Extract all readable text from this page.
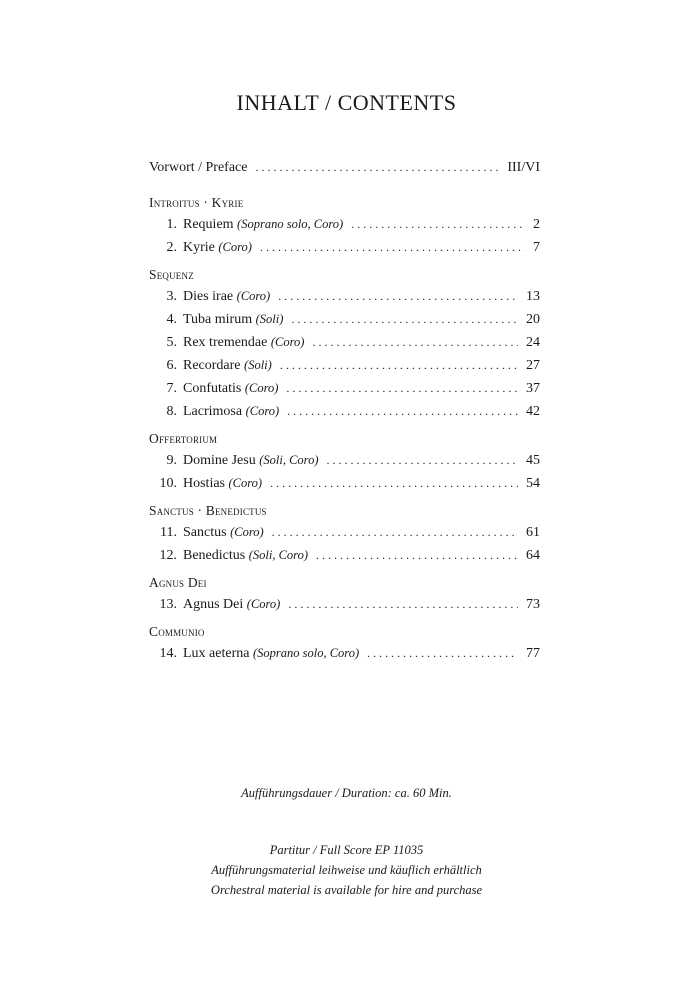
INHALT / CONTENTS
Vorwort / Preface . . .	III/VI
Introitus · Kyrie
1. Requiem (Soprano solo, Coro) . . .	2
2. Kyrie (Coro) . . .	7
Sequenz
3. Dies irae (Coro) . . .	13
4. Tuba mirum (Soli) . . .	20
5. Rex tremendae (Coro) . . .	24
6. Recordare (Soli) . . .	27
7. Confutatis (Coro) . . .	37
8. Lacrimosa (Coro) . . .	42
Offertorium
9. Domine Jesu (Soli, Coro) . . .	45
10. Hostias (Coro) . . .	54
Sanctus · Benedictus
11. Sanctus (Coro) . . .	61
12. Benedictus (Soli, Coro) . . .	64
Agnus Dei
13. Agnus Dei (Coro) . . .	73
Communio
14. Lux aeterna (Soprano solo, Coro) . . .	77
Aufführungsdauer / Duration: ca. 60 Min.
Partitur / Full Score EP 11035
Aufführungsmaterial leihweise und käuflich erhältlich
Orchestral material is available for hire and purchase
